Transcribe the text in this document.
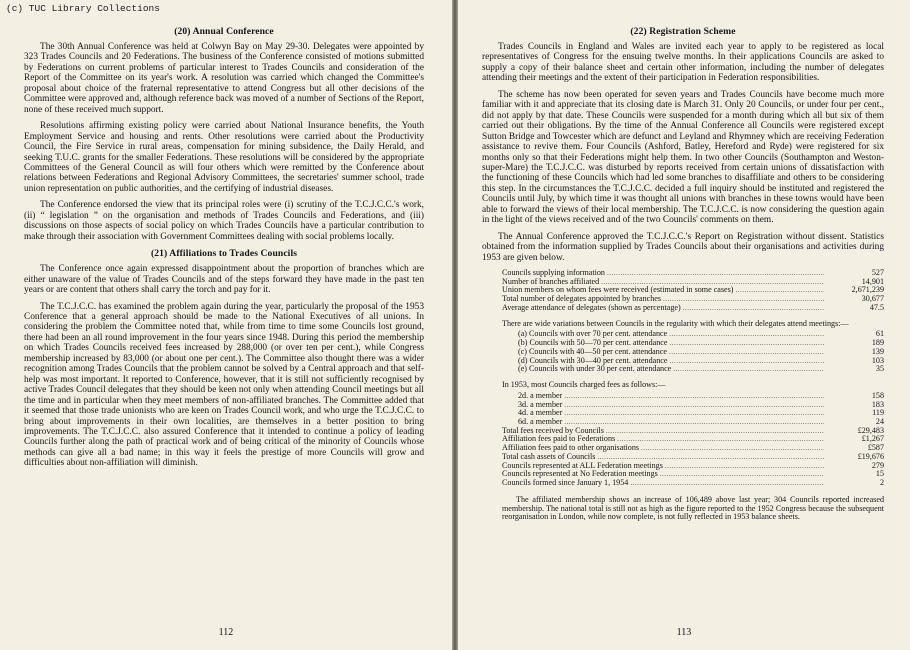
(c) TUC Library Collections
(20) Annual Conference

The 30th Annual Conference was held at Colwyn Bay on May 29-30. Delegates were appointed by 323 Trades Councils and 20 Federations. The business of the Conference consisted of motions submitted by Federations on current problems of particular interest to Trades Councils and consideration of the Report of the Committee on its year's work. A resolution was carried which changed the Committee's proposal about choice of the fraternal representative to attend Congress but all other decisions of the Committee were approved and, although reference back was moved of a number of Sections of the Report, none of these received much support.

Resolutions affirming existing policy were carried about National Insurance benefits, the Youth Employment Service and housing and rents. Other resolutions were carried about the Productivity Council, the Fire Service in rural areas, compensation for mining subsidence, the Daily Herald, and seeking T.U.C. grants for the smaller Federations. These resolutions will be considered by the appropriate Committees of the General Council as will four others which were remitted by the Conference about relations between Federations and Regional Advisory Committees, the secretaries' summer school, trade union representation on public authorities, and the certifying of industrial diseases.

The Conference endorsed the view that its principal roles were (i) scrutiny of the T.C.J.C.C.'s work, (ii) “ legislation ” on the organisation and methods of Trades Councils and Federations, and (iii) discussions on those aspects of social policy on which Trades Councils have a particular contribution to make through their association with Government Committees dealing with social problems locally.

(21) Affiliations to Trades Councils

The Conference once again expressed disappointment about the proportion of branches which are either unaware of the value of Trades Councils and of the steps forward they have made in the past ten years or are content that others shall carry the torch and pay for it.

The T.C.J.C.C. has examined the problem again during the year, particularly the proposal of the 1953 Conference that a general approach should be made to the National Executives of all unions. In considering the problem the Committee noted that, while from time to time some Councils lost ground, there had been an all round improvement in the four years since 1948. During this period the membership on which Trades Councils received fees increased by 288,000 (or over ten per cent.), while Congress membership increased by 83,000 (or about one per cent.). The Committee also thought there was a wider recognition among Trades Councils that the problem cannot be solved by a Central approach and that self-help was most important. It reported to Conference, however, that it is still not sufficiently recognised by active Trades Council delegates that they should be keen not only when attending Council meetings but all the time and in particular when they meet members of non-affiliated branches. The Committee added that it seemed that those trade unionists who are keen on Trades Council work, and who urge the T.C.J.C.C. to bring about improvements in their own localities, are themselves in a better position to bring improvements. The T.C.J.C.C. also assured Conference that it intended to continue a policy of leading Councils further along the path of practical work and of being critical of the minority of Councils whose methods can give all a bad name; in this way it feels the prestige of more Councils will grow and difficulties about non-affiliation will diminish.

112
(22) Registration Scheme

Trades Councils in England and Wales are invited each year to apply to be registered as local representatives of Congress for the ensuing twelve months. In their applications Councils are asked to supply a copy of their balance sheet and certain other information, including the number of delegates attending their meetings and the extent of their participation in Federation responsibilities.

The scheme has now been operated for seven years and Trades Councils have become much more familiar with it and appreciate that its closing date is March 31. Only 20 Councils, or under four per cent., did not apply by that date. These Councils were suspended for a month during which all but six of them carried out their obligations. By the time of the Annual Conference all Councils were registered except Sutton Bridge and Towcester which are defunct and Leyland and Rhymney which are receiving Federation assistance to revive them. Four Councils (Ashford, Batley, Hereford and Ryde) were registered for six months only so that their Federations might help them. In two other Councils (Southampton and Weston-super-Mare) the T.C.J.C.C. was disturbed by reports received from certain unions of dissatisfaction with the functioning of these Councils which had led some branches to disaffiliate and others to be considering this step. In the circumstances the T.C.J.C.C. decided a full inquiry should be instituted and registered the Councils until July, by which time it was thought all unions with branches in these towns would have been able to forward the views of their local membership. The T.C.J.C.C. is now considering the question again in the light of the views received and of the two Councils' comments on them.

The Annual Conference approved the T.C.J.C.C.'s Report on Registration without dissent. Statistics obtained from the information supplied by Trades Councils about their organisations and activities during 1953 are given below.

Councils supplying information .....	527
Number of branches affiliated .....	14,901
Union members on whom fees were received (estimated in some cases) .....	2,671,239
Total number of delegates appointed by branches .....	30,677
Average attendance of delegates (shown as percentage) .....	47.5
There are wide variations between Councils in the regularity with which their delegates attend meetings:—
(a) Councils with over 70 per cent. attendance .....	61
(b) Councils with 50—70 per cent. attendance .....	189
(c) Councils with 40—50 per cent. attendance .....	139
(d) Councils with 30—40 per cent. attendance .....	103
(e) Councils with under 30 per cent. attendance .....	35
In 1953, most Councils charged fees as follows:—
2d. a member .....	158
3d. a member .....	183
4d. a member .....	119
6d. a member .....	24
Total fees received by Councils .....	£29,483
Affiliation fees paid to Federations .....	£1,267
Affiliation fees paid to other organisations .....	£587
Total cash assets of Councils .....	£19,676
Councils represented at ALL Federation meetings .....	279
Councils represented at No Federation meetings .....	15
Councils formed since January 1, 1954 .....	2

The affiliated membership shows an increase of 106,489 above last year; 304 Councils reported increased membership. The national total is still not as high as the figure reported to the 1952 Congress because the subsequent reorganisation in London, while now complete, is not fully reflected in 1953 balance sheets.

113
